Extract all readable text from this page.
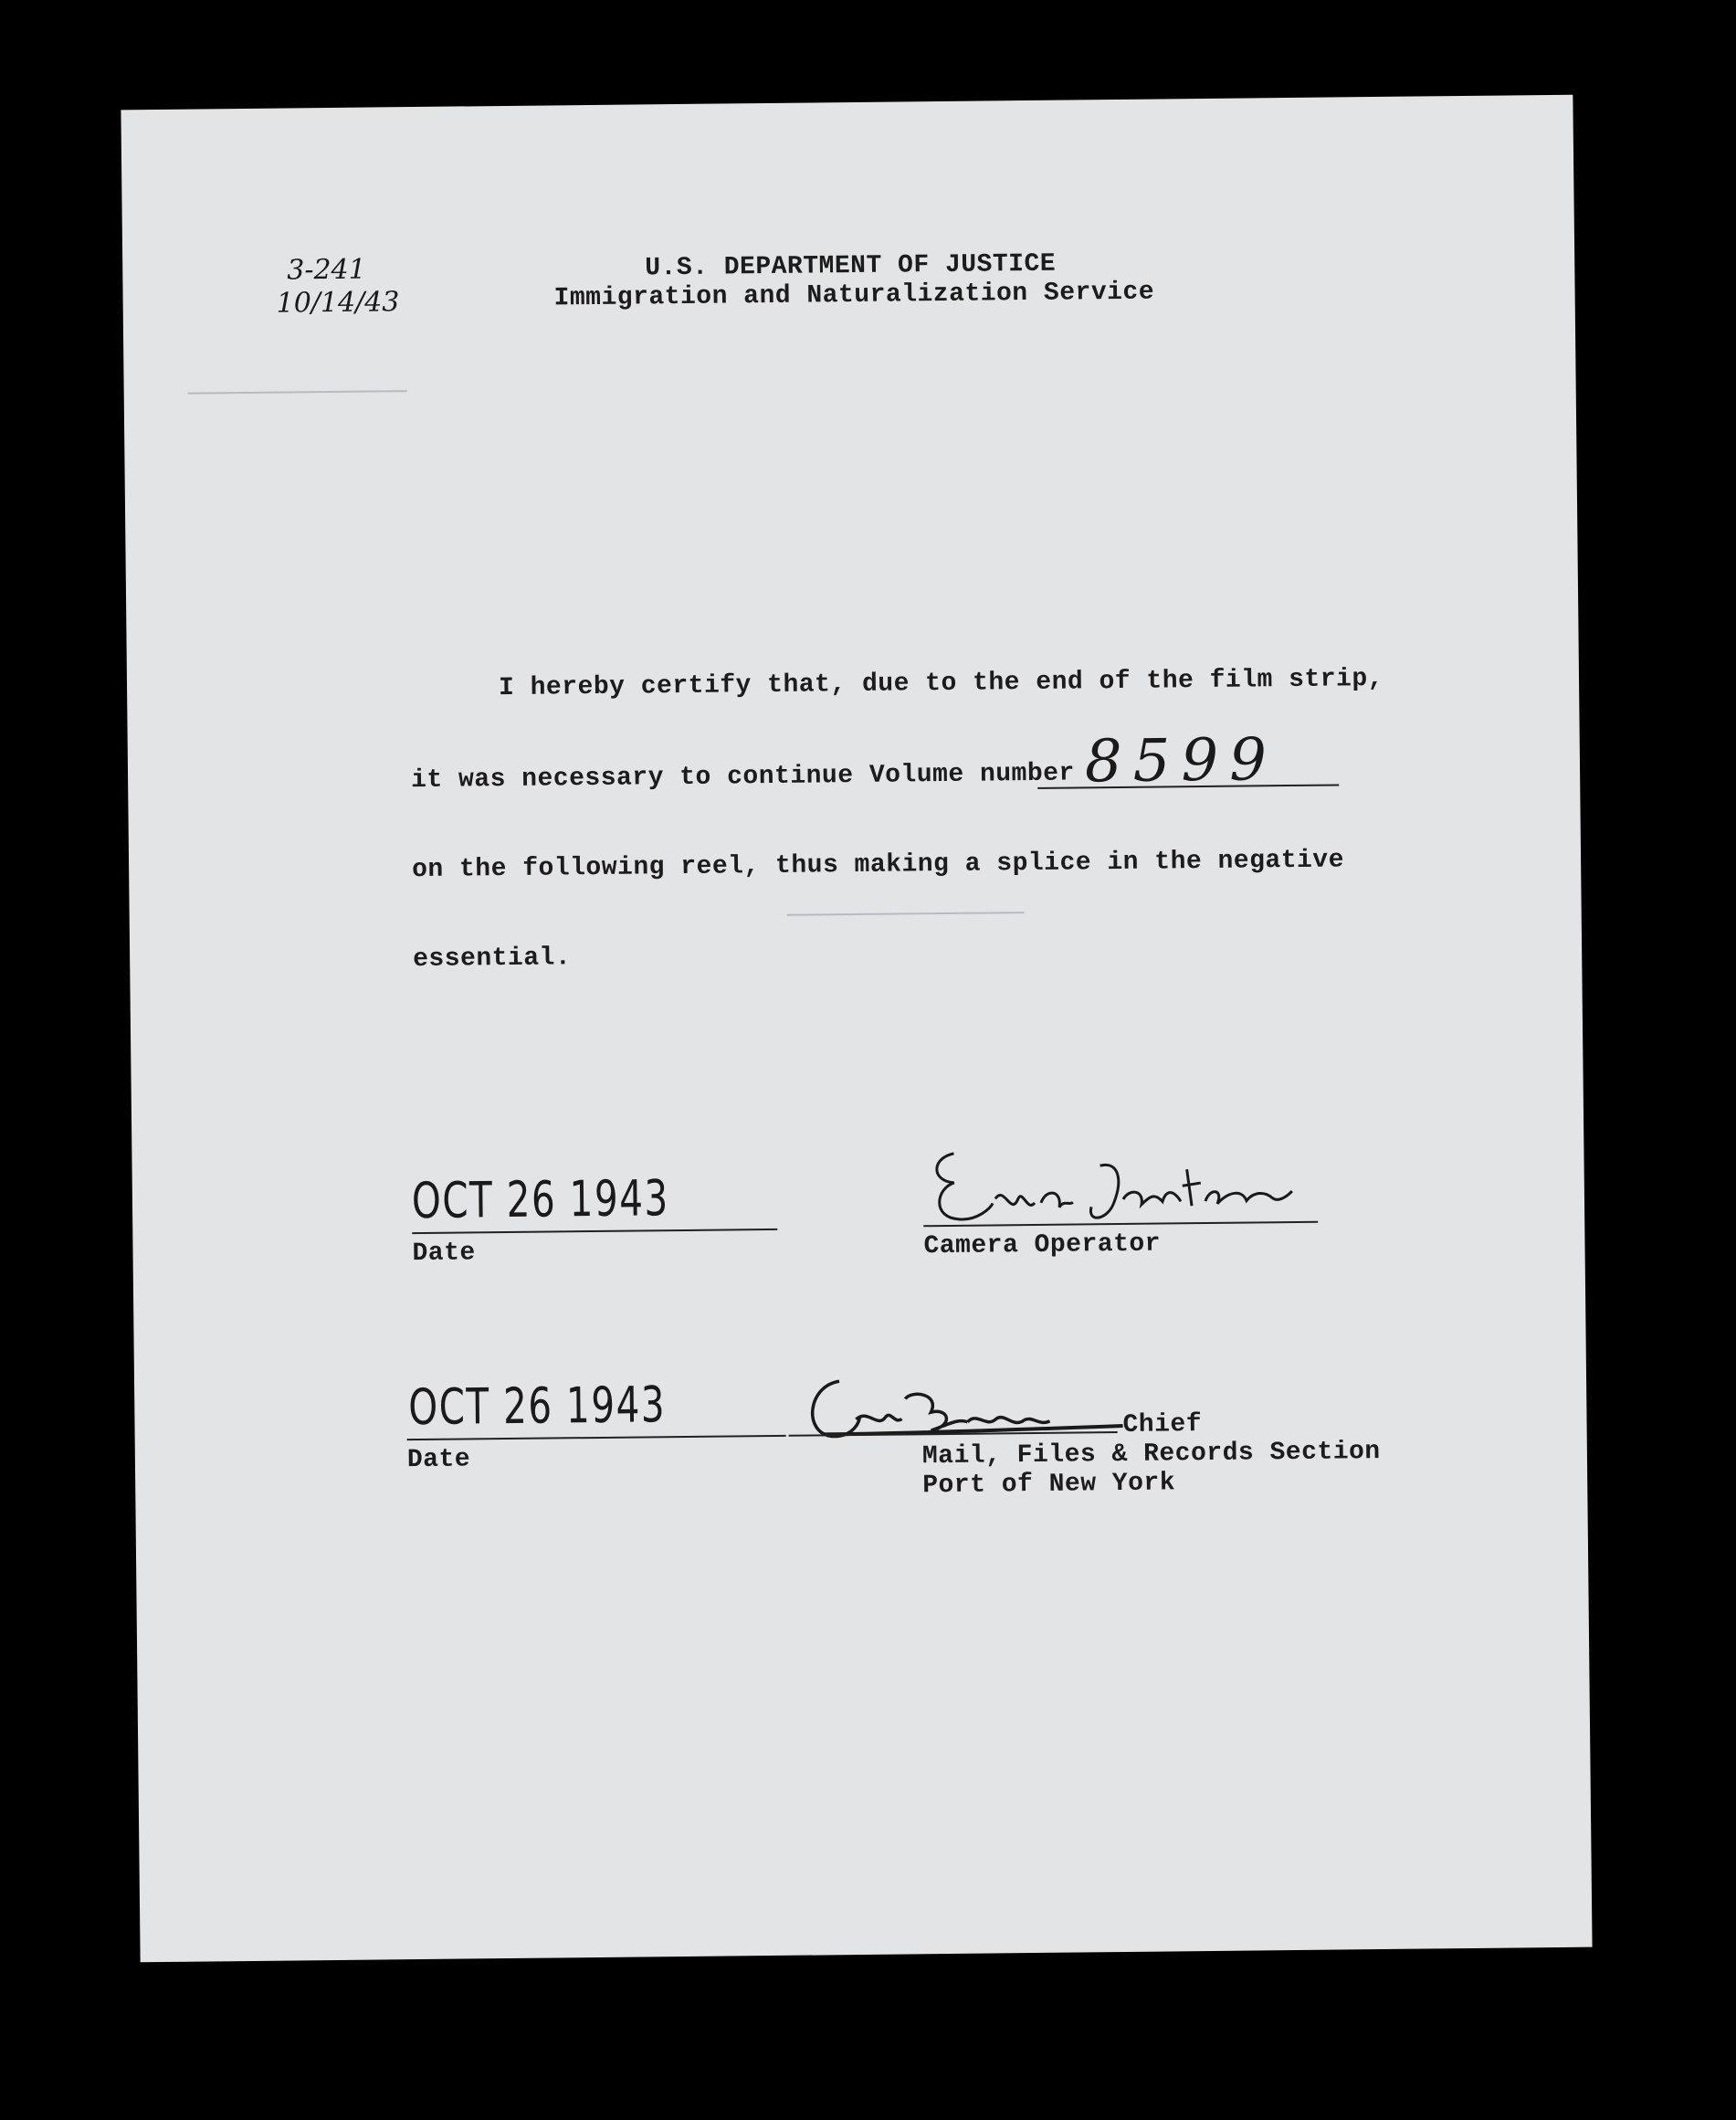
3-241
10/14/43
U.S. DEPARTMENT OF JUSTICE
Immigration and Naturalization Service
I hereby certify that, due to the end of the film strip,
it was necessary to continue Volume number 8599
on the following reel, thus making a splice in the negative
essential.
OCT 26 1943
Date	Camera Operator
OCT 26 1943
Date
Chief
Mail, Files & Records Section
Port of New York
